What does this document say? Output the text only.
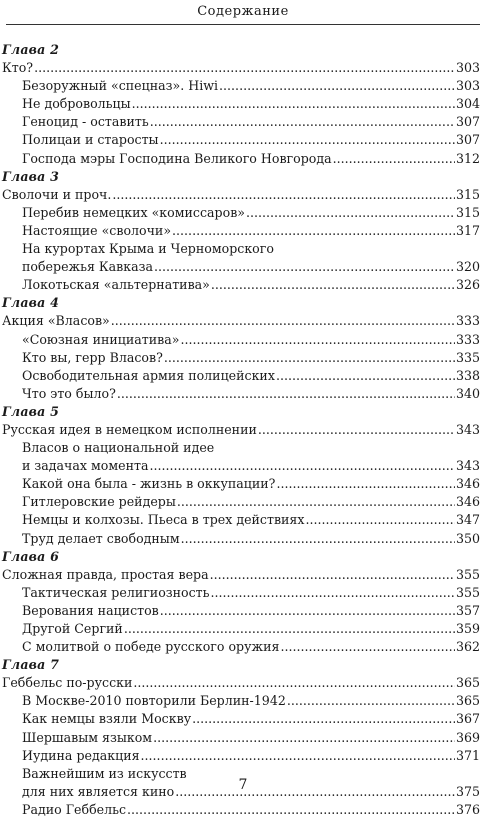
Содержание
Глава 2
Кто? .....	303
Безоружный «спецназ». Hiwi .....	303
Не добровольцы .....	304
Геноцид - оставить .....	307
Полицаи и старосты .....	307
Господа мэры Господина Великого Новгорода .....	312
Глава 3
Сволочи и проч. .....	315
Перебив немецких «комиссаров» .....	315
Настоящие «сволочи» .....	317
На курортах Крыма и Черноморского
побережья Кавказа .....	320
Локотьская «альтернатива» .....	326
Глава 4
Акция «Власов» .....	333
«Союзная инициатива» .....	333
Кто вы, герр Власов? .....	335
Освободительная армия полицейских .....	338
Что это было? .....	340
Глава 5
Русская идея в немецком исполнении .....	343
Власов о национальной идее
и задачах момента .....	343
Какой она была - жизнь в оккупации? .....	346
Гитлеровские рейдеры .....	346
Немцы и колхозы. Пьеса в трех действиях .....	347
Труд делает свободным .....	350
Глава 6
Сложная правда, простая вера .....	355
Тактическая религиозность .....	355
Верования нацистов .....	357
Другой Сергий .....	359
С молитвой о победе русского оружия .....	362
Глава 7
Геббельс по-русски .....	365
В Москве-2010 повторили Берлин-1942 .....	365
Как немцы взяли Москву .....	367
Шершавым языком .....	369
Иудина редакция .....	371
Важнейшим из искусств
для них является кино .....	375
Радио Геббельс .....	376
7
